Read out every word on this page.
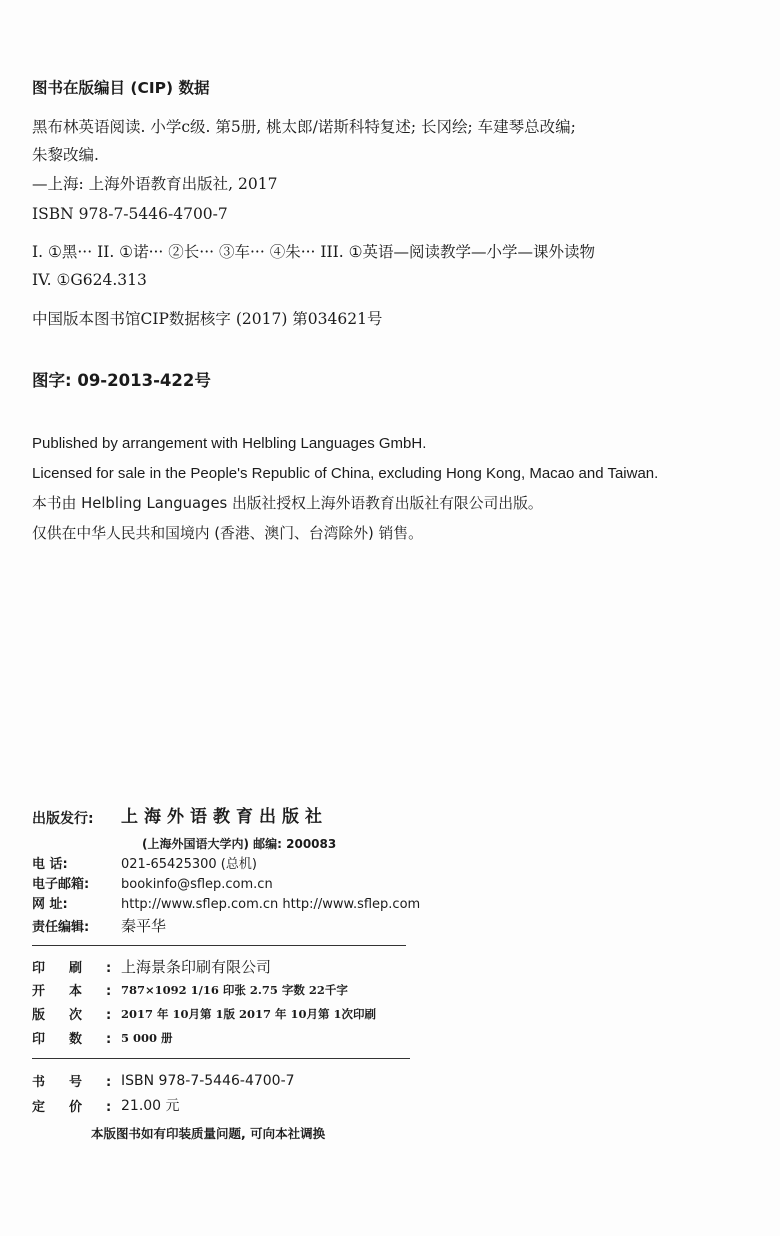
图书在版编目 (CIP) 数据
黑布林英语阅读. 小学c级. 第5册, 桃太郎/诺斯科特复述; 长冈绘; 车建琴总改编;
朱黎改编.
—上海: 上海外语教育出版社, 2017
ISBN 978-7-5446-4700-7
I. ①黑··· II. ①诺··· ②长··· ③车··· ④朱··· III. ①英语—阅读教学—小学—课外读物
IV. ①G624.313
中国版本图书馆CIP数据核字 (2017) 第034621号
图字: 09-2013-422号
Published by arrangement with Helbling Languages GmbH.
Licensed for sale in the People's Republic of China, excluding Hong Kong, Macao and Taiwan.
本书由 Helbling Languages 出版社授权上海外语教育出版社有限公司出版。
仅供在中华人民共和国境内 (香港、澳门、台湾除外) 销售。
出版发行: 上海外语教育出版社
(上海外国语大学内) 邮编: 200083
电 话:	021-65425300 (总机)
电子邮箱: bookinfo@sflep.com.cn
网 址:	http://www.sflep.com.cn http://www.sflep.com
责任编辑: 秦平华
印刷:
上海景条印刷有限公司
开本:
787×1092 1/16 印张 2.75 字数 22千字
版次:
2017 年 10月第 1版 2017 年 10月第 1次印刷
印数:
5 000 册
书号:
ISBN 978-7-5446-4700-7
定价:
21.00 元
本版图书如有印装质量问题, 可向本社调换
